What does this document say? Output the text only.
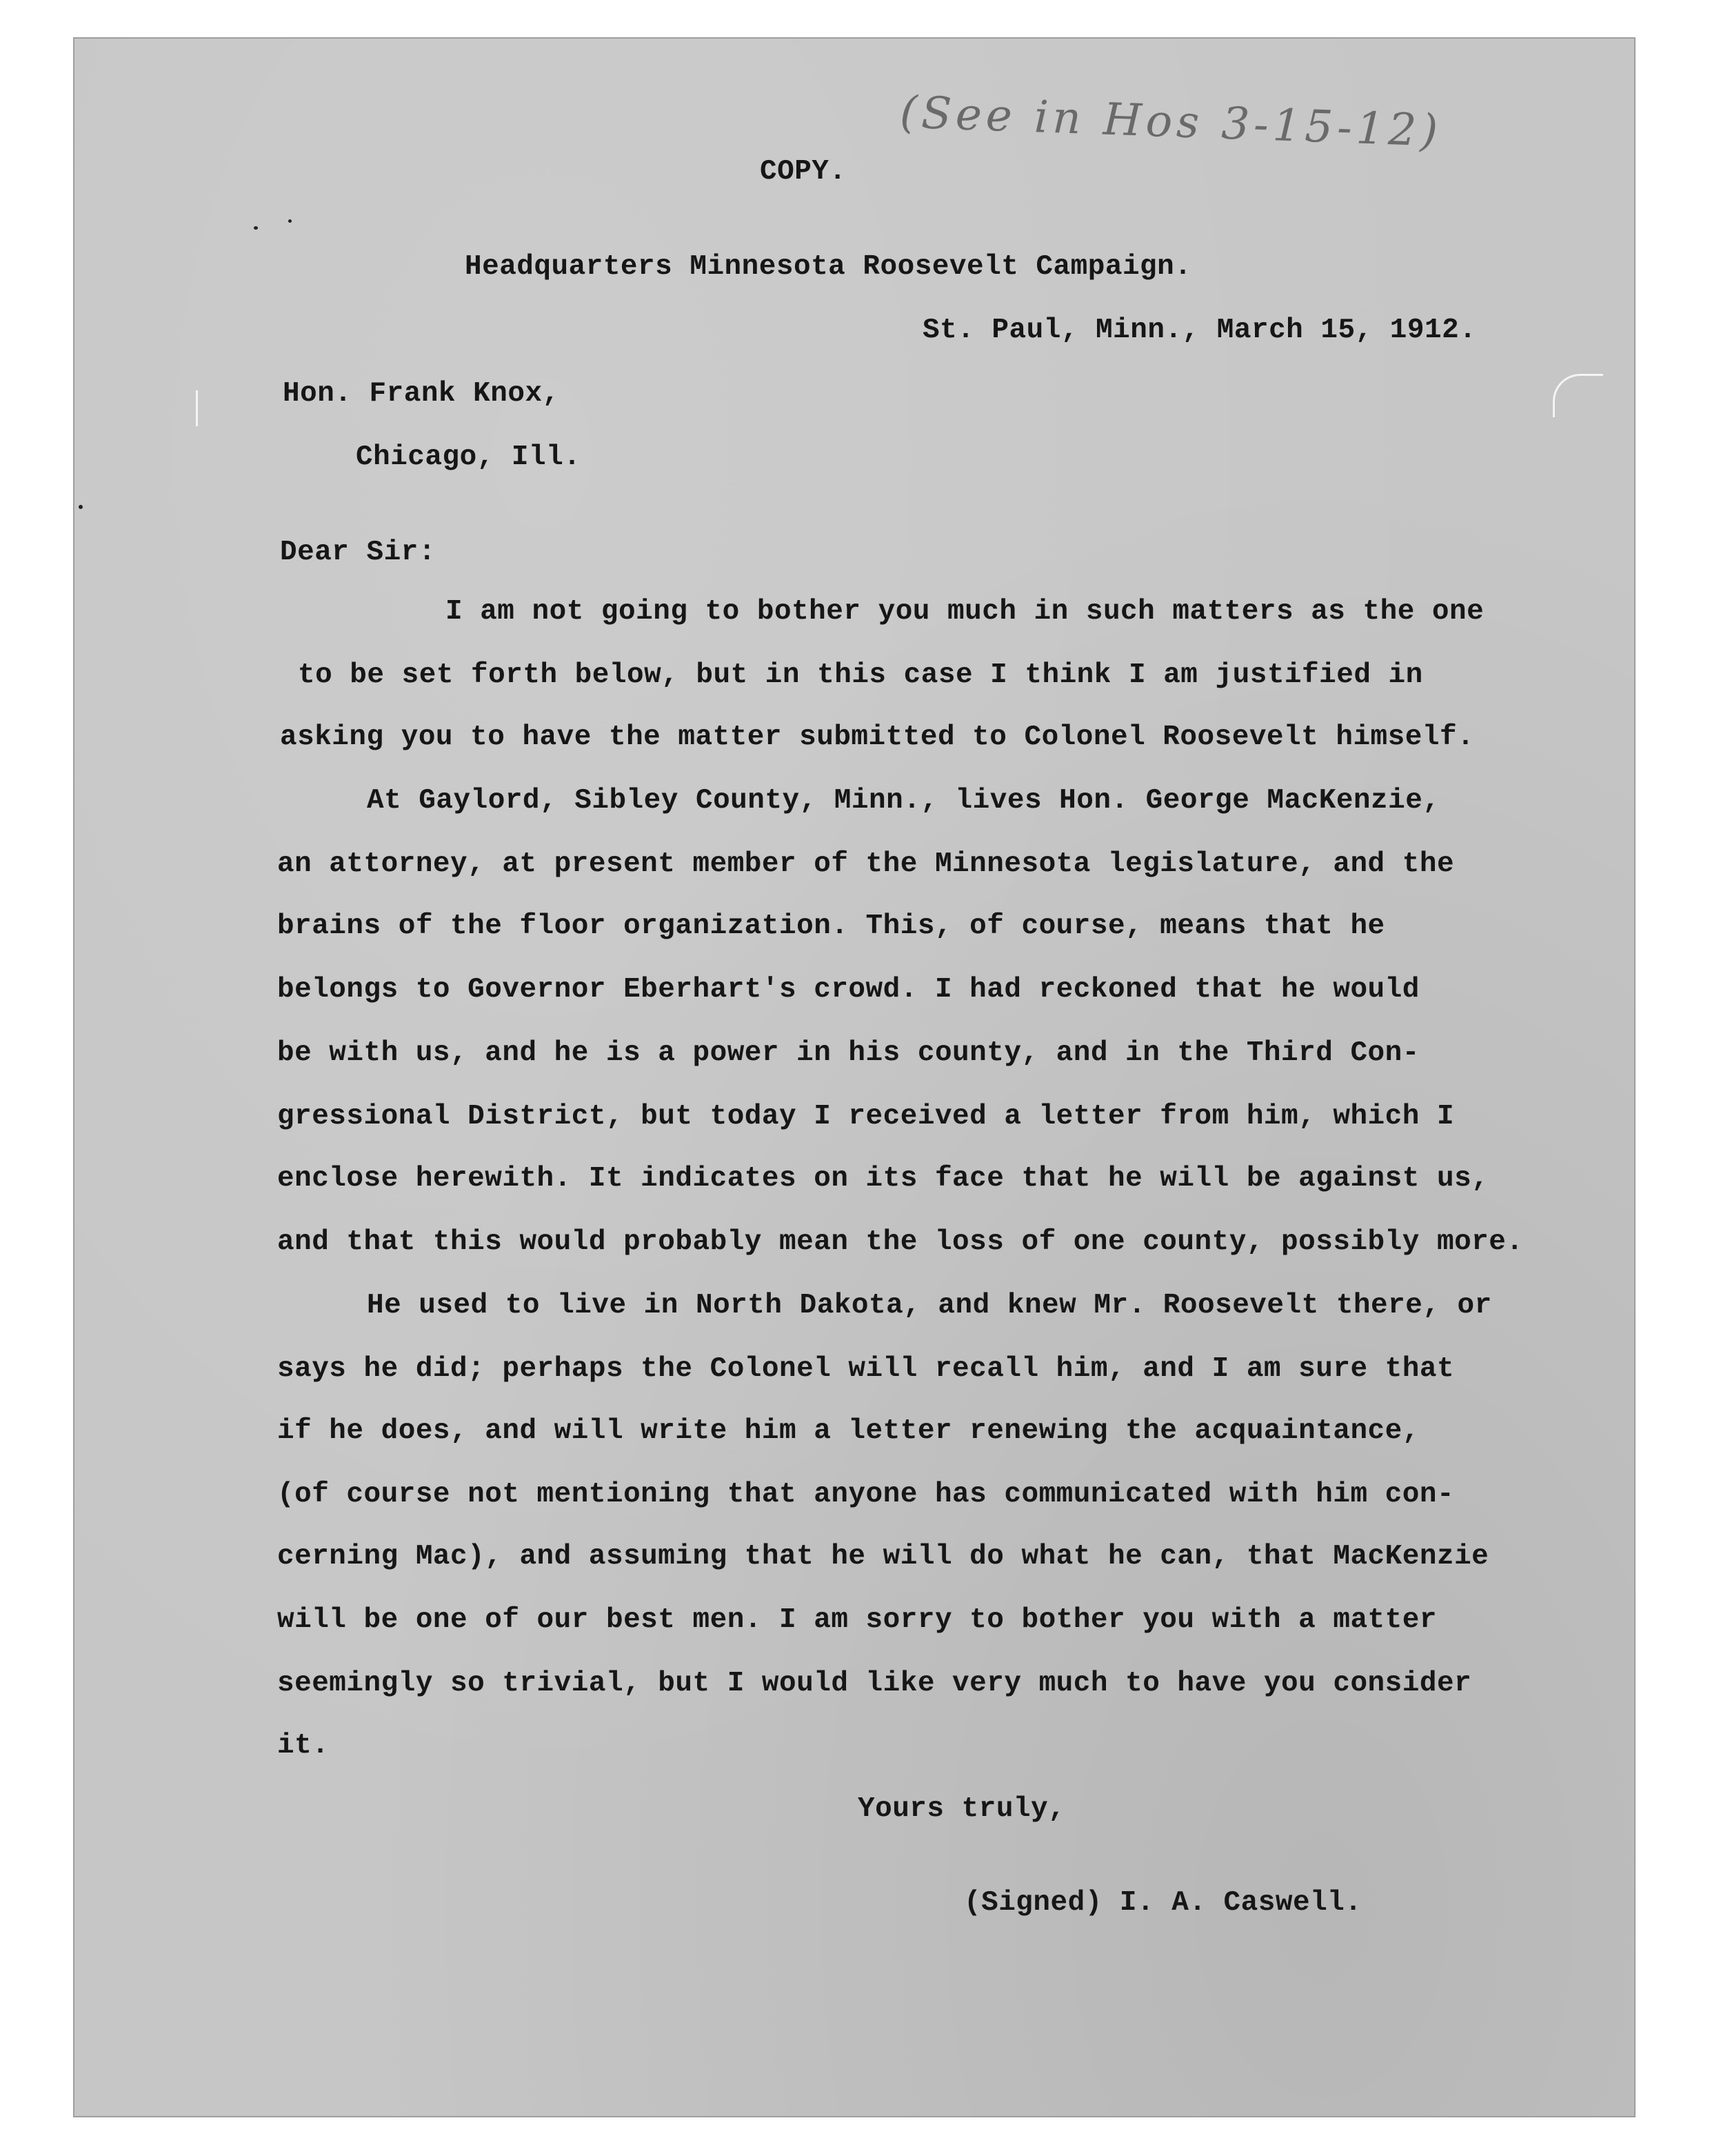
(See in Hos 3-15-12)
COPY.
Headquarters Minnesota Roosevelt Campaign.
St. Paul, Minn., March 15, 1912.
Hon. Frank Knox,
Chicago, Ill.
Dear Sir:
I am not going to bother you much in such matters as the one
to be set forth below, but in this case I think I am justified in
asking you to have the matter submitted to Colonel Roosevelt himself.
At Gaylord, Sibley County, Minn., lives Hon. George MacKenzie,
an attorney, at present member of the Minnesota legislature, and the
brains of the floor organization. This, of course, means that he
belongs to Governor Eberhart's crowd. I had reckoned that he would
be with us, and he is a power in his county, and in the Third Con-
gressional District, but today I received a letter from him, which I
enclose herewith. It indicates on its face that he will be against us,
and that this would probably mean the loss of one county, possibly more.
He used to live in North Dakota, and knew Mr. Roosevelt there, or
says he did; perhaps the Colonel will recall him, and I am sure that
if he does, and will write him a letter renewing the acquaintance,
(of course not mentioning that anyone has communicated with him con-
cerning Mac), and assuming that he will do what he can, that MacKenzie
will be one of our best men. I am sorry to bother you with a matter
seemingly so trivial, but I would like very much to have you consider
it.
Yours truly,
(Signed) I. A. Caswell.
